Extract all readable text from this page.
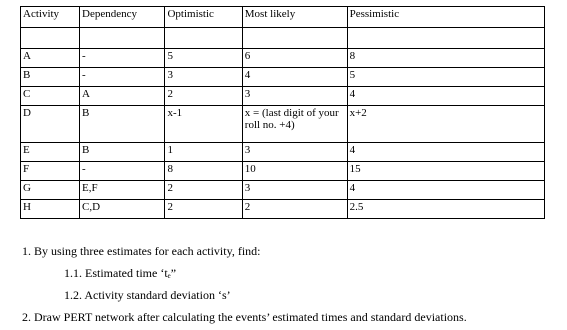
Activity	Dependency	Optimistic	Most likely	Pessimistic

A	-	5	6	8
B	-	3	4	5
C	A	2	3	4
D	B	x-1	x = (last digit of your roll no. +4)	x+2
E	B	1	3	4
F	-	8	10	15
G	E,F	2	3	4
H	C,D	2	2	2.5
1. By using three estimates for each activity, find:
1.1. Estimated time ‘tₑ”
1.2. Activity standard deviation ‘s’
2. Draw PERT network after calculating the events’ estimated times and standard deviations.
